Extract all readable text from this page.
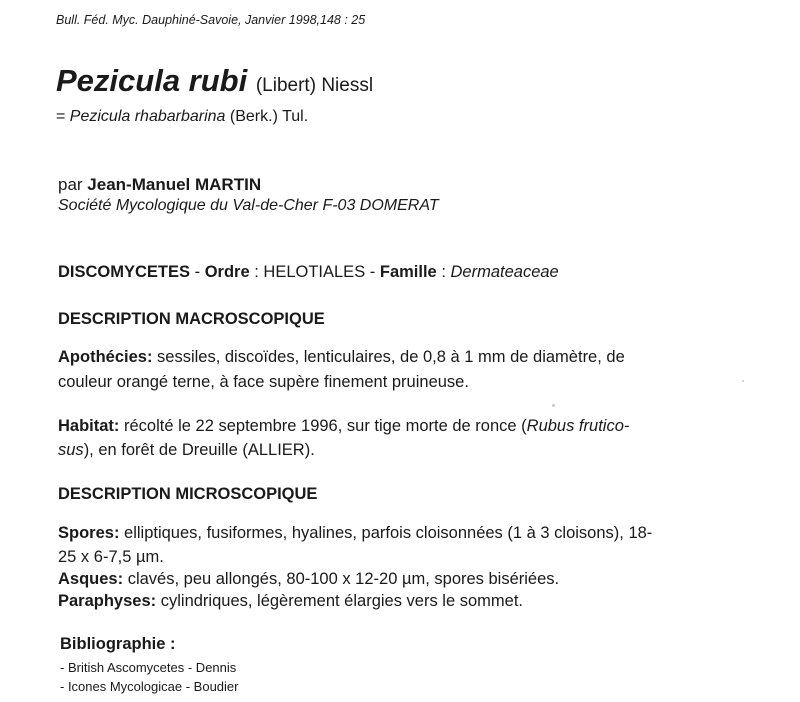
Bull. Féd. Myc. Dauphiné-Savoie, Janvier 1998,148 : 25
Pezicula rubi (Libert) Niessl
= Pezicula rhabarbarina (Berk.) Tul.
par Jean-Manuel MARTIN
Société Mycologique du Val-de-Cher F-03 DOMERAT
DISCOMYCETES - Ordre : HELOTIALES - Famille : Dermateaceae
DESCRIPTION MACROSCOPIQUE
Apothécies: sessiles, discoïdes, lenticulaires, de 0,8 à 1 mm de diamètre, de
couleur orangé terne, à face supère finement pruineuse.
Habitat: récolté le 22 septembre 1996, sur tige morte de ronce (Rubus frutico-
sus), en forêt de Dreuille (ALLIER).
DESCRIPTION MICROSCOPIQUE
Spores: elliptiques, fusiformes, hyalines, parfois cloisonnées (1 à 3 cloisons), 18-
25 x 6-7,5 µm.
Asques: clavés, peu allongés, 80-100 x 12-20 µm, spores bisériées.
Paraphyses: cylindriques, légèrement élargies vers le sommet.
Bibliographie :
- British Ascomycetes - Dennis
- Icones Mycologicae - Boudier
